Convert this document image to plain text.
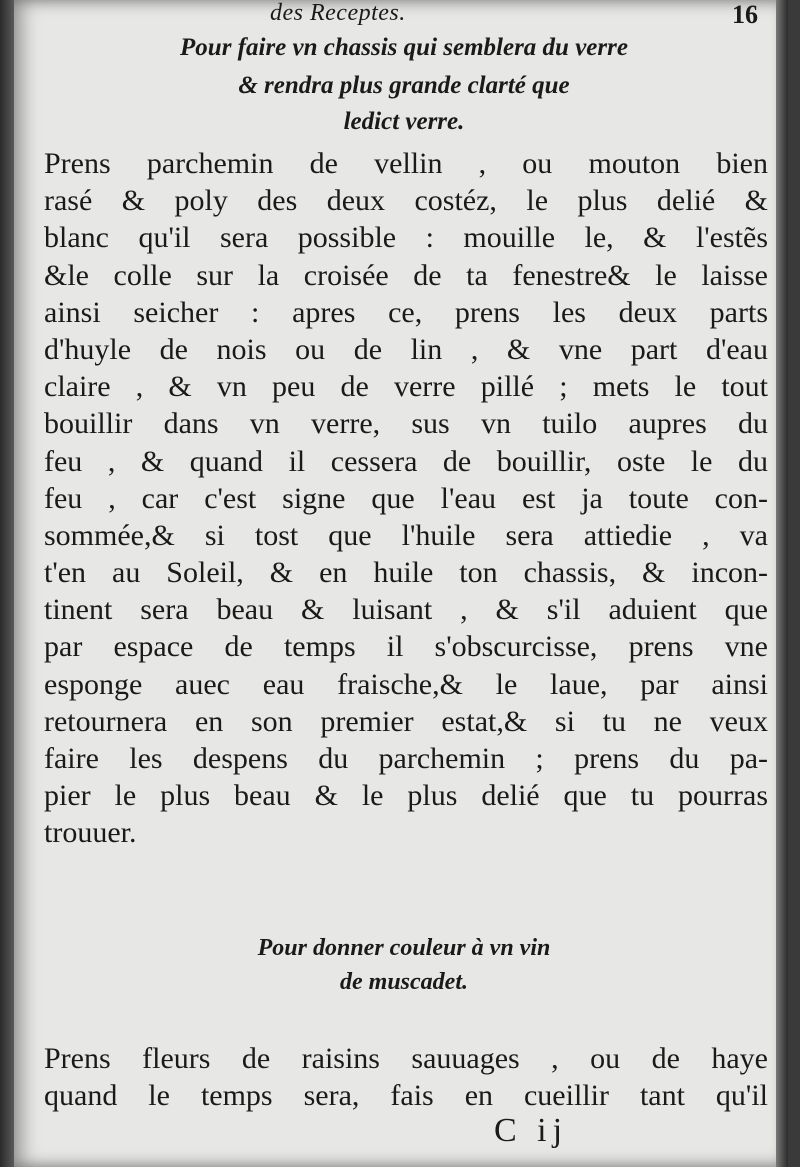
des Receptes.	16
Pour faire vn chassis qui semblera du verre
& rendra plus grande clarté que
ledict verre.
Prens parchemin de vellin , ou mouton bien
rasé & poly des deux costéz, le plus delié &
blanc qu'il sera possible : mouille le, & l'estẽs
&le colle sur la croisée de ta fenestre& le laisse
ainsi seicher : apres ce, prens les deux parts
d'huyle de nois ou de lin , & vne part d'eau
claire , & vn peu de verre pillé ; mets le tout
bouillir dans vn verre, sus vn tuilo aupres du
feu , & quand il cessera de bouillir, oste le du
feu , car c'est signe que l'eau est ja toute con-
sommée,& si tost que l'huile sera attiedie , va
t'en au Soleil, & en huile ton chassis, & incon-
tinent sera beau & luisant , & s'il aduient que
par espace de temps il s'obscurcisse, prens vne
esponge auec eau fraische,& le laue, par ainsi
retournera en son premier estat,& si tu ne veux
faire les despens du parchemin ; prens du pa-
pier le plus beau & le plus delié que tu pourras
trouuer.
Pour donner couleur à vn vin
de muscadet.
Prens fleurs de raisins sauuages , ou de haye
quand le temps sera, fais en cueillir tant qu'il
C ij
